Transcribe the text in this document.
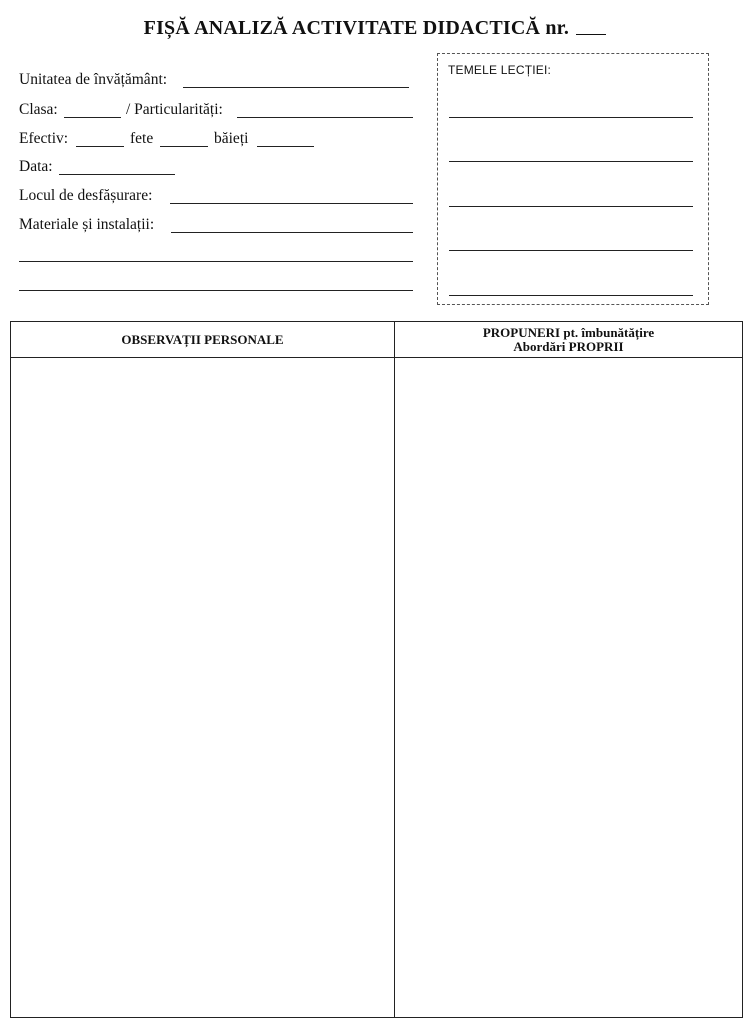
FIȘĂ ANALIZĂ ACTIVITATE DIDACTICĂ nr.
Unitatea de învățământ:
Clasa:	/ Particularități:
Efectiv:	fete	băieți
Data:
Locul de desfășurare:
Materiale și instalații:
TEMELE LECȚIEI:
OBSERVAȚII PERSONALE	PROPUNERI pt. îmbunătățire
Abordări PROPRII
